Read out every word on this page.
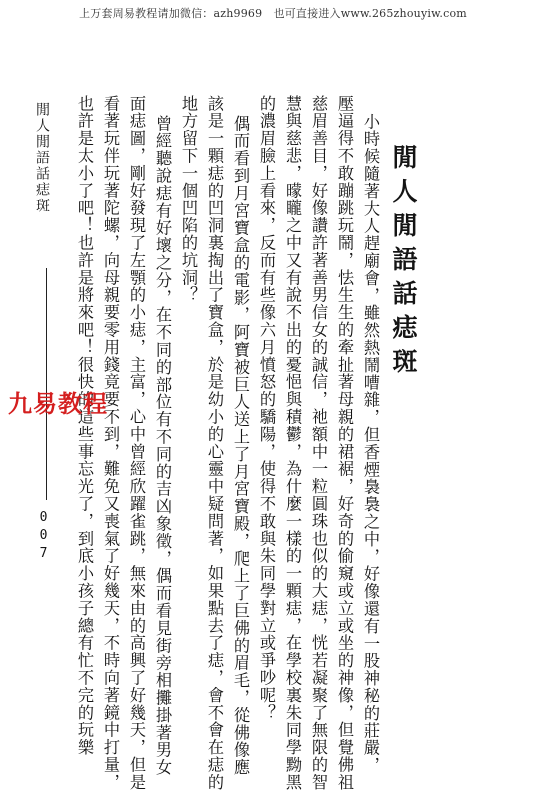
上万套周易教程请加微信：azh9969　也可直接进入www.265zhouyiw.com
閒人閒語話痣斑
小時候隨著大人趕廟會，雖然熱鬧嘈雜，但香煙裊裊之中，好像還有一股神秘的莊嚴，
壓逼得不敢蹦跳玩鬧，怯生生的牽扯著母親的裙裾，好奇的偷窺或立或坐的神像，但覺佛祖
慈眉善目，好像讚許著善男信女的誠信，祂額中一粒圓珠也似的大痣，恍若凝聚了無限的智
慧與慈悲，曚矓之中又有說不出的憂悒與積鬱，為什麼一樣的一顆痣，在學校裏朱同學黝黑
的濃眉臉上看來，反而有些像六月憤怒的驕陽，使得不敢與朱同學對立或爭吵呢？
偶而看到月宮寶盒的電影，阿寶被巨人送上了月宮寶殿，爬上了巨佛的眉毛，從佛像應
該是一顆痣的凹洞裏掏出了寶盒，於是幼小的心靈中疑問著，如果點去了痣，會不會在痣的
地方留下一個凹陷的坑洞？
曾經聽說痣有好壞之分，在不同的部位有不同的吉凶象徵，偶而看見街旁相攤掛著男女
面痣圖，剛好發現了左顎的小痣，主富，心中曾經欣躍雀跳，無來由的高興了好幾天，但是
看著玩伴玩著陀螺，向母親要零用錢竟要不到，難免又喪氣了好幾天，不時向著鏡中打量，
也許是太小了吧！也許是將來吧！很快的這些事忘光了，到底小孩子總有忙不完的玩樂
閒人閒語話痣斑
007
九易教程
